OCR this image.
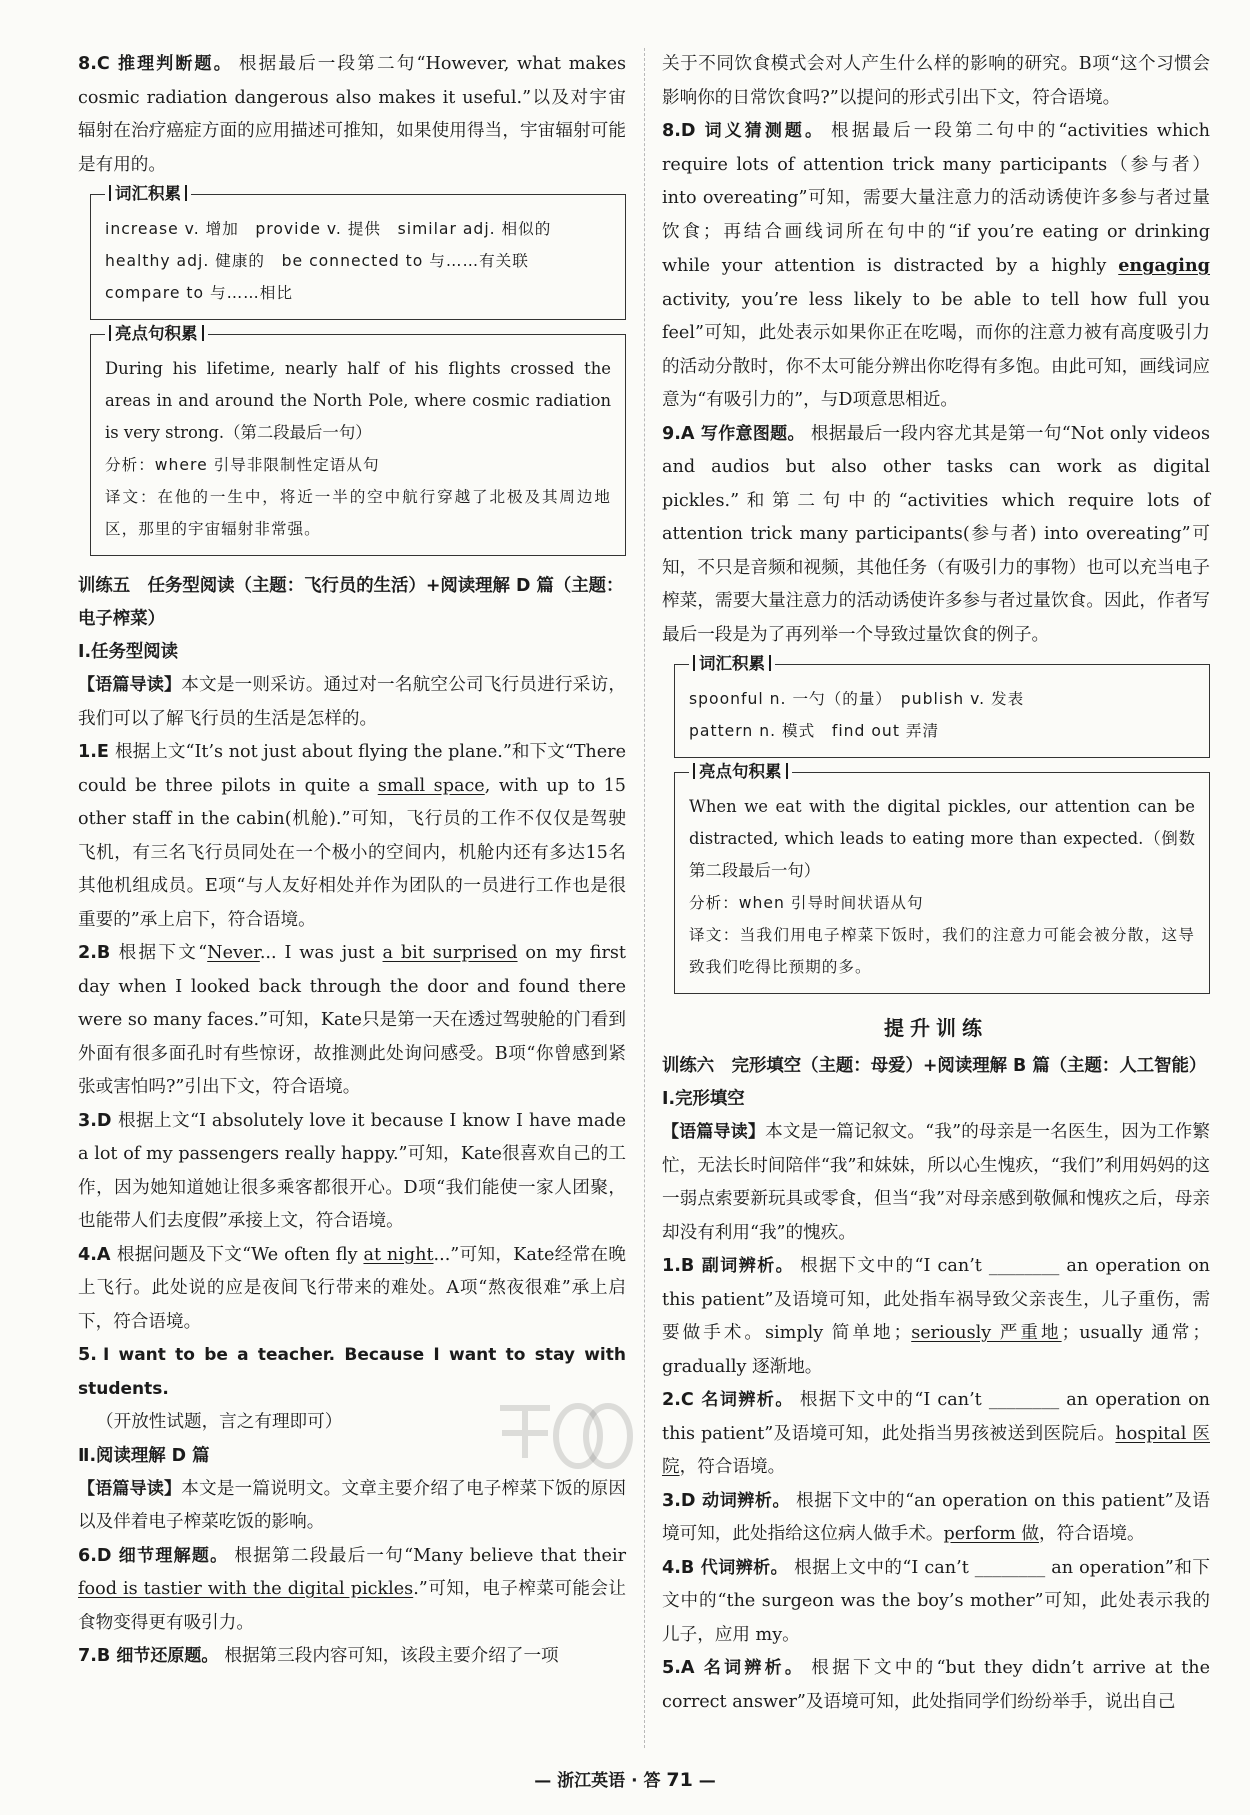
8.C 推理判断题。 根据最后一段第二句“However, what makes cosmic radiation dangerous also makes it useful.”以及对宇宙辐射在治疗癌症方面的应用描述可推知，如果使用得当，宇宙辐射可能是有用的。
词汇积累
increase v. 增加　provide v. 提供　similar adj. 相似的
healthy adj. 健康的　be connected to 与……有关联
compare to 与……相比
亮点句积累
During his lifetime, nearly half of his flights crossed the areas in and around the North Pole, where cosmic radiation is very strong.（第二段最后一句）
分析：where 引导非限制性定语从句
译文：在他的一生中，将近一半的空中航行穿越了北极及其周边地区，那里的宇宙辐射非常强。
训练五　任务型阅读（主题：飞行员的生活）+阅读理解 D 篇（主题：电子榨菜）
Ⅰ.任务型阅读
【语篇导读】本文是一则采访。通过对一名航空公司飞行员进行采访，我们可以了解飞行员的生活是怎样的。
1.E 根据上文“It’s not just about flying the plane.”和下文“There could be three pilots in quite a small space, with up to 15 other staff in the cabin(机舱).”可知，飞行员的工作不仅仅是驾驶飞机，有三名飞行员同处在一个极小的空间内，机舱内还有多达15名其他机组成员。E项“与人友好相处并作为团队的一员进行工作也是很重要的”承上启下，符合语境。
2.B 根据下文“Never... I was just a bit surprised on my first day when I looked back through the door and found there were so many faces.”可知，Kate只是第一天在透过驾驶舱的门看到外面有很多面孔时有些惊讶，故推测此处询问感受。B项“你曾感到紧张或害怕吗?”引出下文，符合语境。
3.D 根据上文“I absolutely love it because I know I have made a lot of my passengers really happy.”可知，Kate很喜欢自己的工作，因为她知道她让很多乘客都很开心。D项“我们能使一家人团聚，也能带人们去度假”承接上文，符合语境。
4.A 根据问题及下文“We often fly at night...”可知，Kate经常在晚上飞行。此处说的应是夜间飞行带来的难处。A项“熬夜很难”承上启下，符合语境。
5. I want to be a teacher. Because I want to stay with students.
（开放性试题，言之有理即可）
Ⅱ.阅读理解 D 篇
【语篇导读】本文是一篇说明文。文章主要介绍了电子榨菜下饭的原因以及伴着电子榨菜吃饭的影响。
6.D 细节理解题。 根据第二段最后一句“Many believe that their food is tastier with the digital pickles.”可知，电子榨菜可能会让食物变得更有吸引力。
7.B 细节还原题。 根据第三段内容可知，该段主要介绍了一项
关于不同饮食模式会对人产生什么样的影响的研究。B项“这个习惯会影响你的日常饮食吗?”以提问的形式引出下文，符合语境。
8.D 词义猜测题。 根据最后一段第二句中的“activities which require lots of attention trick many participants（参与者）into overeating”可知，需要大量注意力的活动诱使许多参与者过量饮食；再结合画线词所在句中的“if you’re eating or drinking while your attention is distracted by a highly engaging activity, you’re less likely to be able to tell how full you feel”可知，此处表示如果你正在吃喝，而你的注意力被有高度吸引力的活动分散时，你不太可能分辨出你吃得有多饱。由此可知，画线词应意为“有吸引力的”，与D项意思相近。
9.A 写作意图题。 根据最后一段内容尤其是第一句“Not only videos and audios but also other tasks can work as digital pickles.”和第二句中的“activities which require lots of attention trick many participants(参与者) into overeating”可知，不只是音频和视频，其他任务（有吸引力的事物）也可以充当电子榨菜，需要大量注意力的活动诱使许多参与者过量饮食。因此，作者写最后一段是为了再列举一个导致过量饮食的例子。
词汇积累
spoonful n. 一勺（的量）　publish v. 发表
pattern n. 模式　find out 弄清
亮点句积累
When we eat with the digital pickles, our attention can be distracted, which leads to eating more than expected.（倒数第二段最后一句）
分析：when 引导时间状语从句
译文：当我们用电子榨菜下饭时，我们的注意力可能会被分散，这导致我们吃得比预期的多。
提升训练
训练六　完形填空（主题：母爱）+阅读理解 B 篇（主题：人工智能）
Ⅰ.完形填空
【语篇导读】本文是一篇记叙文。“我”的母亲是一名医生，因为工作繁忙，无法长时间陪伴“我”和妹妹，所以心生愧疚，“我们”利用妈妈的这一弱点索要新玩具或零食，但当“我”对母亲感到敬佩和愧疚之后，母亲却没有利用“我”的愧疚。
1.B 副词辨析。 根据下文中的“I can’t ________ an operation on this patient”及语境可知，此处指车祸导致父亲丧生，儿子重伤，需要做手术。simply 简单地；seriously 严重地；usually 通常；gradually 逐渐地。
2.C 名词辨析。 根据下文中的“I can’t ________ an operation on this patient”及语境可知，此处指当男孩被送到医院后。hospital 医院，符合语境。
3.D 动词辨析。 根据下文中的“an operation on this patient”及语境可知，此处指给这位病人做手术。perform 做，符合语境。
4.B 代词辨析。 根据上文中的“I can’t ________ an operation”和下文中的“the surgeon was the boy’s mother”可知，此处表示我的儿子，应用 my。
5.A 名词辨析。 根据下文中的“but they didn’t arrive at the correct answer”及语境可知，此处指同学们纷纷举手，说出自己
— 浙江英语 · 答 71 —
